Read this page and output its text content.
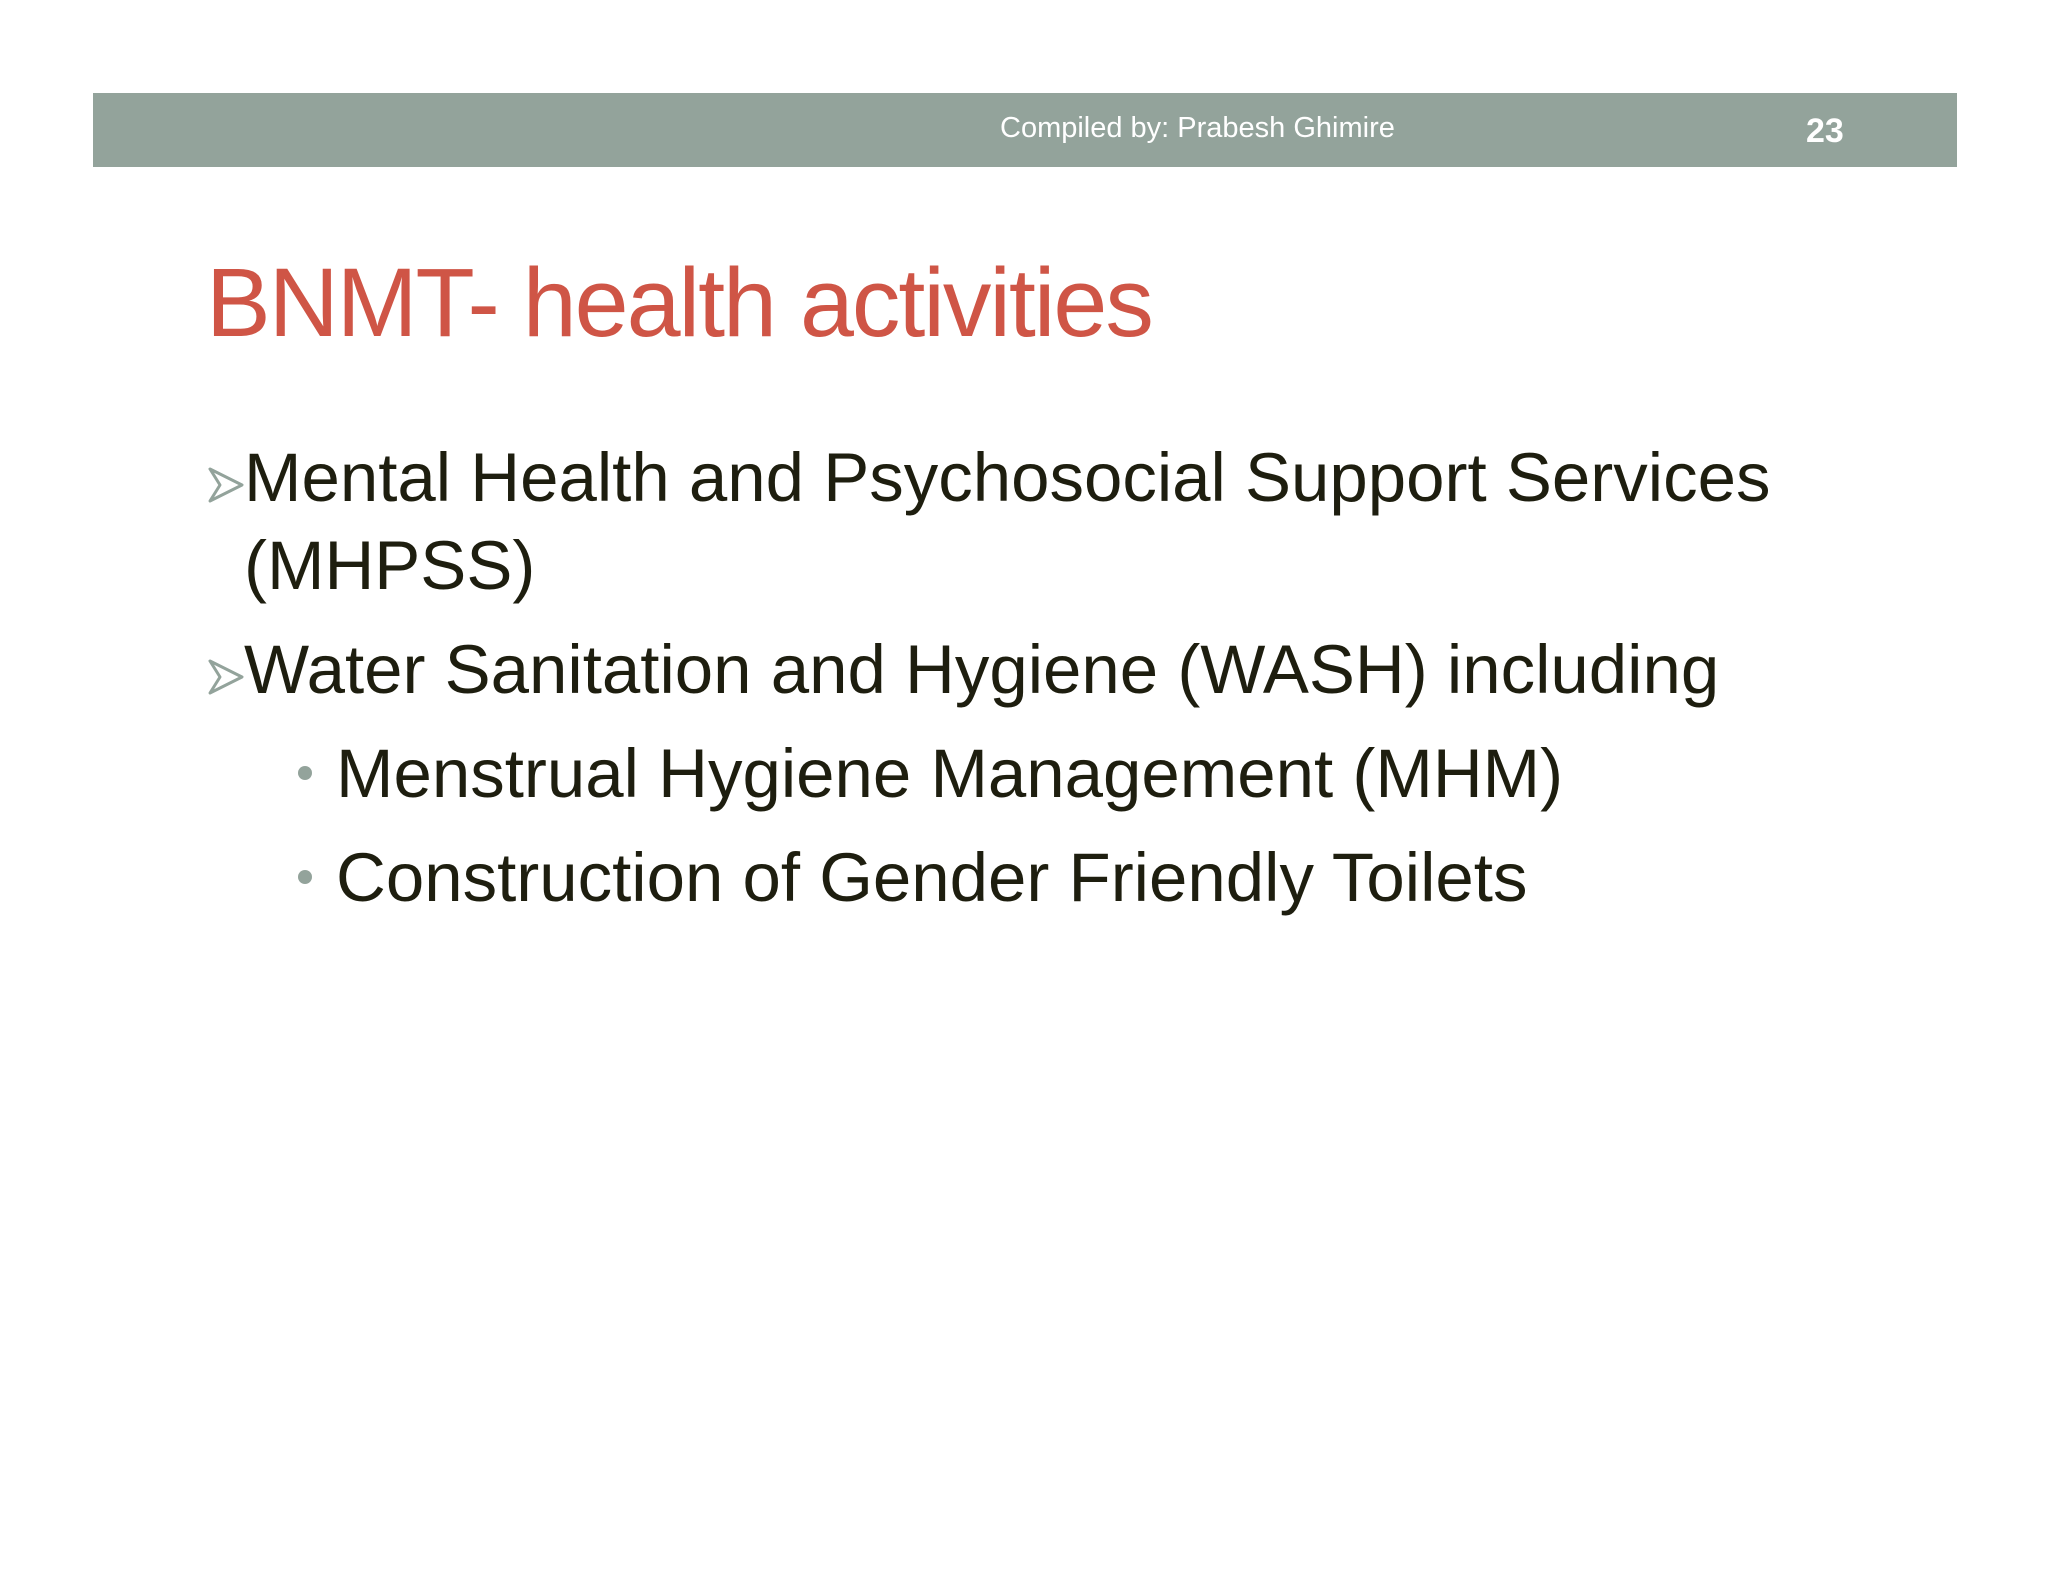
Compiled by: Prabesh Ghimire	23
BNMT- health activities
Mental Health and Psychosocial Support Services (MHPSS)
Water Sanitation and Hygiene (WASH) including
Menstrual Hygiene Management (MHM)
Construction of Gender Friendly Toilets
